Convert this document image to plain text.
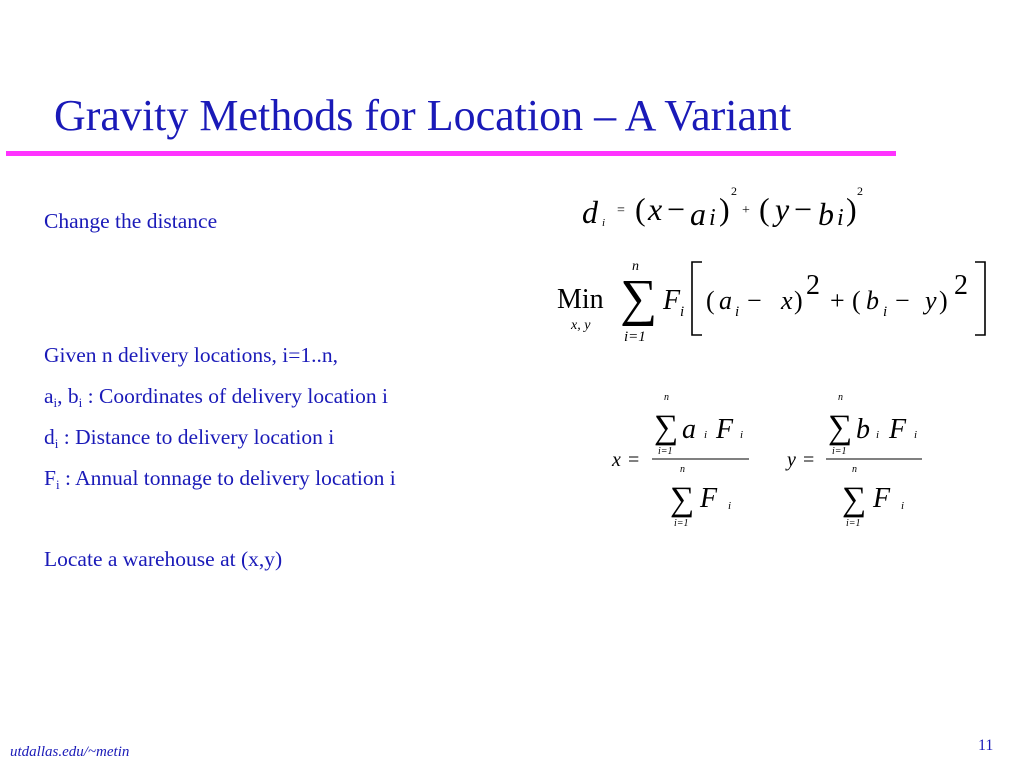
Gravity Methods for Location – A Variant
Change the distance
Given n delivery locations, i=1..n,
$a_i$, $b_i$ : Coordinates of delivery location i
$d_i$ : Distance to delivery location i
$F_i$ : Annual tonnage to delivery location i
Locate a warehouse at (x,y)
d i
= ( x − a i ) 2
+ ( y − b i ) 2
Min
x, y
n
∑
i=1
F i ( a i − x ) 2 + ( b i − y ) 2
x =
n
∑
i=1
a i F i
n
∑
i=1
F i
y =
n
∑
i=1
b i F i
n
∑
i=1
F i
utdallas.edu/~metin	11
